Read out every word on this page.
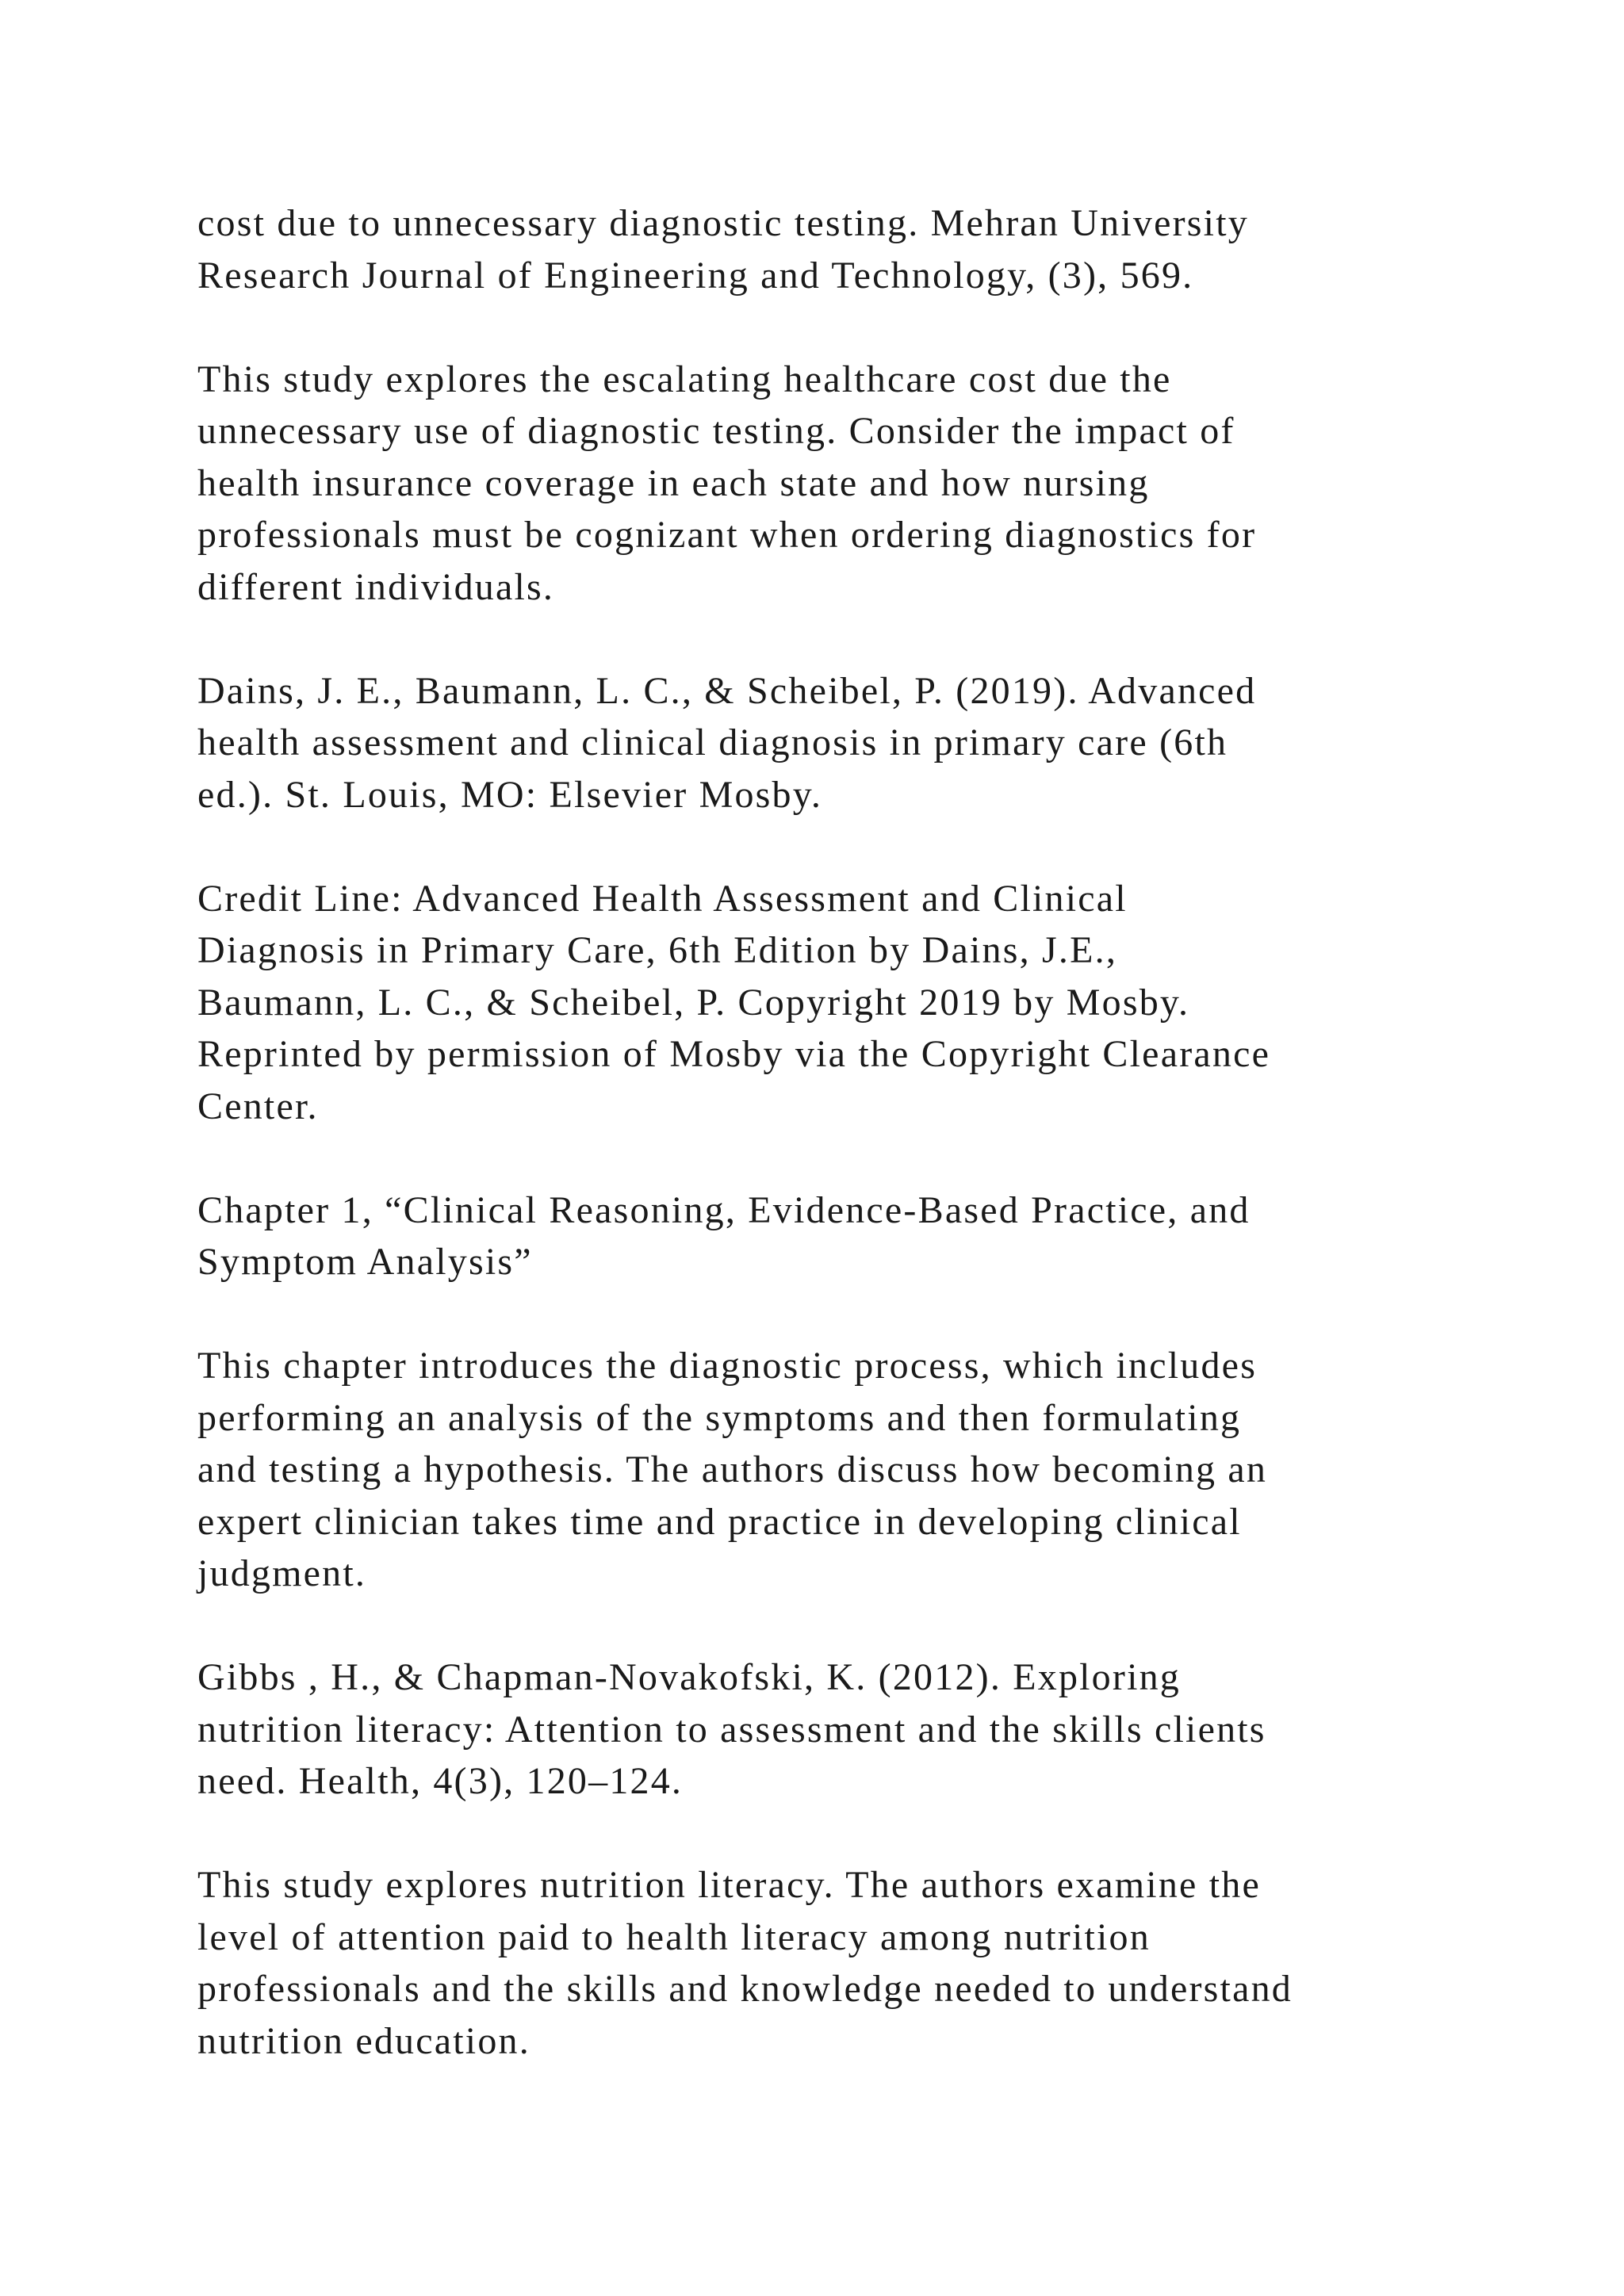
cost due to unnecessary diagnostic testing. Mehran University
Research Journal of Engineering and Technology, (3), 569.

This study explores the escalating healthcare cost due the
unnecessary use of diagnostic testing. Consider the impact of
health insurance coverage in each state and how nursing
professionals must be cognizant when ordering diagnostics for
different individuals.

Dains, J. E., Baumann, L. C., & Scheibel, P. (2019). Advanced
health assessment and clinical diagnosis in primary care (6th
ed.). St. Louis, MO: Elsevier Mosby.

Credit Line: Advanced Health Assessment and Clinical
Diagnosis in Primary Care, 6th Edition by Dains, J.E.,
Baumann, L. C., & Scheibel, P. Copyright 2019 by Mosby.
Reprinted by permission of Mosby via the Copyright Clearance
Center.

Chapter 1, “Clinical Reasoning, Evidence-Based Practice, and
Symptom Analysis”

This chapter introduces the diagnostic process, which includes
performing an analysis of the symptoms and then formulating
and testing a hypothesis. The authors discuss how becoming an
expert clinician takes time and practice in developing clinical
judgment.

Gibbs , H., & Chapman-Novakofski, K. (2012). Exploring
nutrition literacy: Attention to assessment and the skills clients
need. Health, 4(3), 120–124.

This study explores nutrition literacy. The authors examine the
level of attention paid to health literacy among nutrition
professionals and the skills and knowledge needed to understand
nutrition education.
